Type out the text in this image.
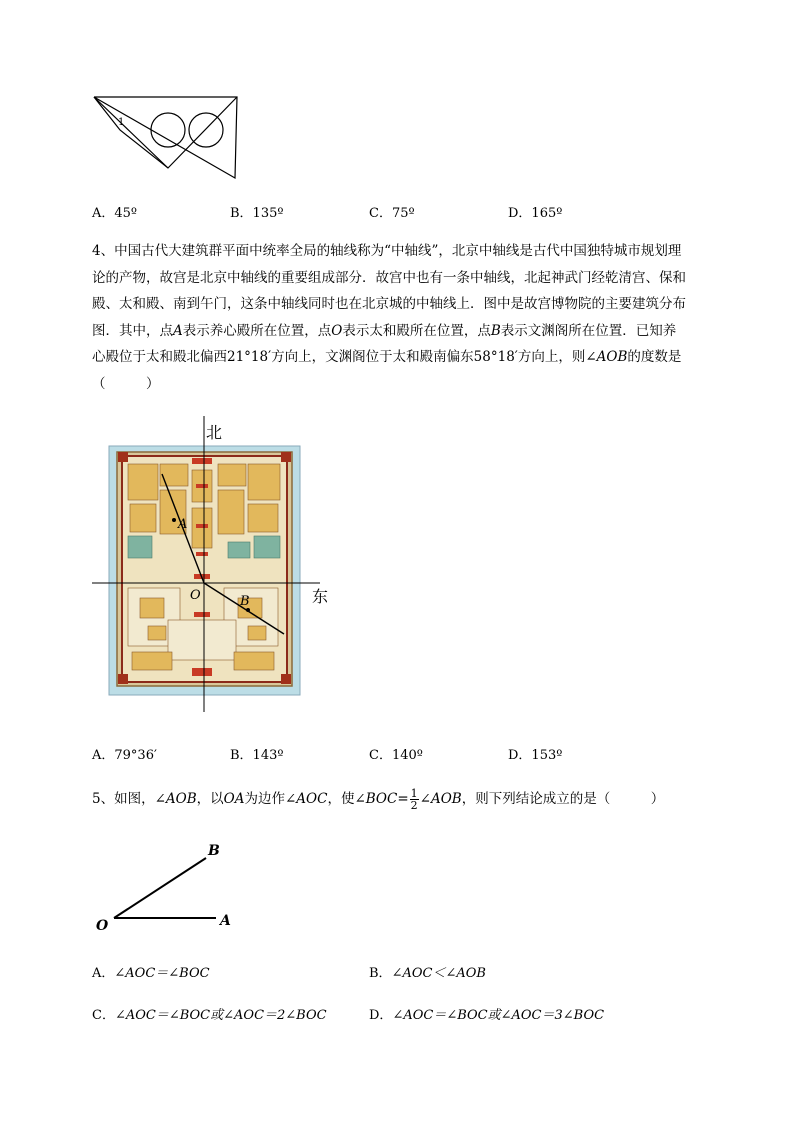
1
A．45º	B．135º	C．75º	D．165º
4、中国古代大建筑群平面中统率全局的轴线称为“中轴线”，北京中轴线是古代中国独特城市规划理
论的产物，故宫是北京中轴线的重要组成部分．故宫中也有一条中轴线，北起神武门经乾清宫、保和
殿、太和殿、南到午门，这条中轴线同时也在北京城的中轴线上．图中是故宫博物院的主要建筑分布
图．其中，点A表示养心殿所在位置，点O表示太和殿所在位置，点B表示文渊阁所在位置．已知养
心殿位于太和殿北偏西21°18′方向上，文渊阁位于太和殿南偏东58°18′方向上，则∠AOB的度数是
（　　　）
北
东
A
O	B
A．79°36′	B．143º	C．140º	D．153º
5、如图，∠AOB，以OA为边作∠AOC，使∠BOC= $\frac{1}{2}$ ∠AOB，则下列结论成立的是（　　　）
O	A
B
A．∠AOC＝∠BOC	B．∠AOC＜∠AOB
C．∠AOC＝∠BOC或∠AOC＝2∠BOC	D．∠AOC＝∠BOC或∠AOC＝3∠BOC
